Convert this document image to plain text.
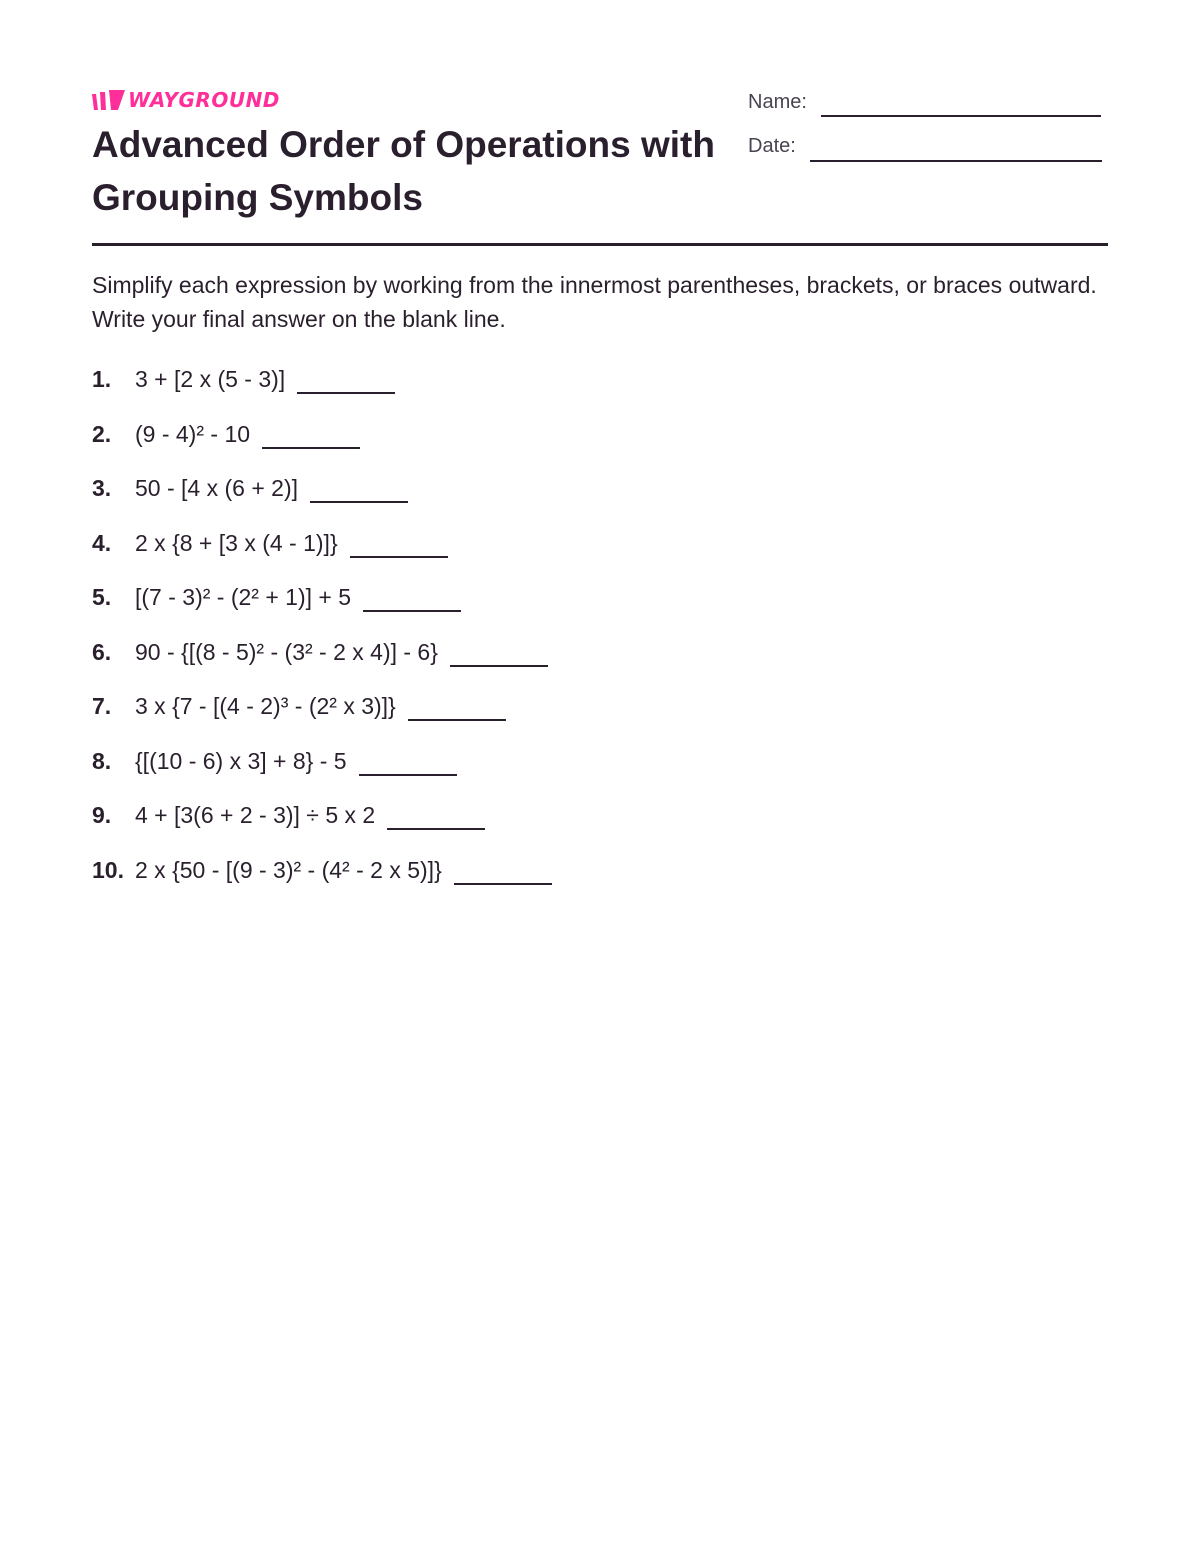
WAYGROUND
Advanced Order of Operations with Grouping Symbols
Name:
Date:

Simplify each expression by working from the innermost parentheses, brackets, or braces outward. Write your final answer on the blank line.

1.	3 + [2 x (5 - 3)]
2.	(9 - 4)² - 10
3.	50 - [4 x (6 + 2)]
4.	2 x {8 + [3 x (4 - 1)]}
5.	[(7 - 3)² - (2² + 1)] + 5
6.	90 - {[(8 - 5)² - (3² - 2 x 4)] - 6}
7.	3 x {7 - [(4 - 2)³ - (2² x 3)]}
8.	{[(10 - 6) x 3] + 8} - 5
9.	4 + [3(6 + 2 - 3)] ÷ 5 x 2
10. 2 x {50 - [(9 - 3)² - (4² - 2 x 5)]}
